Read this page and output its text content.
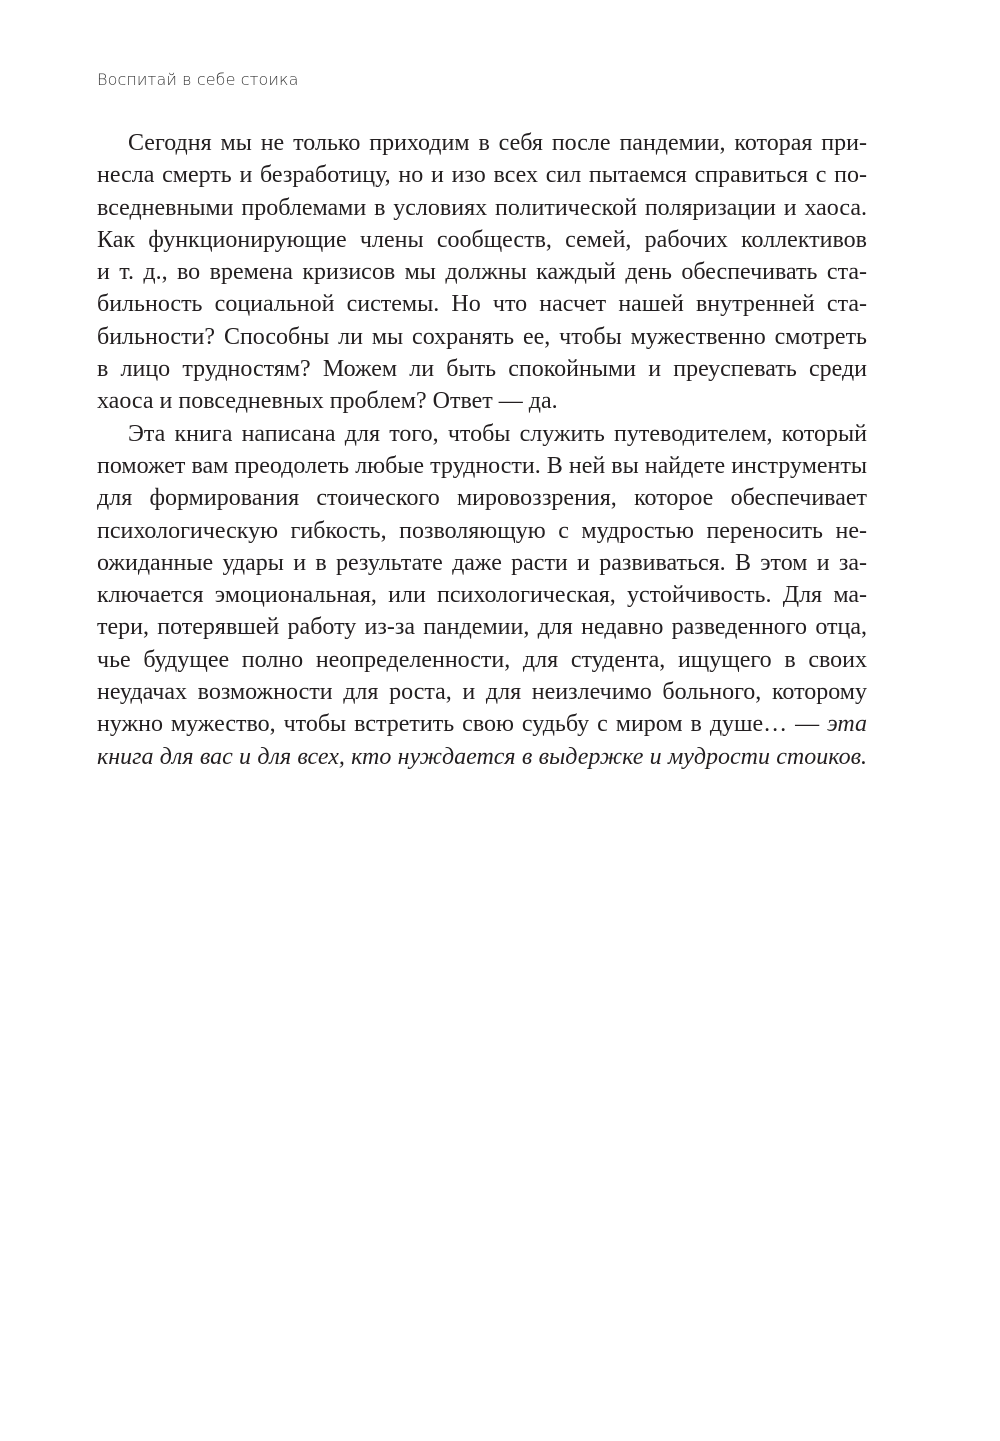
Воспитай в себе стоика
Сегодня мы не только приходим в себя после пандемии, которая при-
несла смерть и безработицу, но и изо всех сил пытаемся справиться с по-
вседневными проблемами в условиях политической поляризации и хаоса.
Как функционирующие члены сообществ, семей, рабочих коллективов
и т. д., во времена кризисов мы должны каждый день обеспечивать ста-
бильность социальной системы. Но что насчет нашей внутренней ста-
бильности? Способны ли мы сохранять ее, чтобы мужественно смотреть
в лицо трудностям? Можем ли быть спокойными и преуспевать среди
хаоса и повседневных проблем? Ответ — да.
Эта книга написана для того, чтобы служить путеводителем, который
поможет вам преодолеть любые трудности. В ней вы найдете инструменты
для формирования стоического мировоззрения, которое обеспечивает
психологическую гибкость, позволяющую с мудростью переносить не-
ожиданные удары и в результате даже расти и развиваться. В этом и за-
ключается эмоциональная, или психологическая, устойчивость. Для ма-
тери, потерявшей работу из-за пандемии, для недавно разведенного отца,
чье будущее полно неопределенности, для студента, ищущего в своих
неудачах возможности для роста, и для неизлечимо больного, которому
нужно мужество, чтобы встретить свою судьбу с миром в душе… — эта
книга для вас и для всех, кто нуждается в выдержке и мудрости стоиков.
